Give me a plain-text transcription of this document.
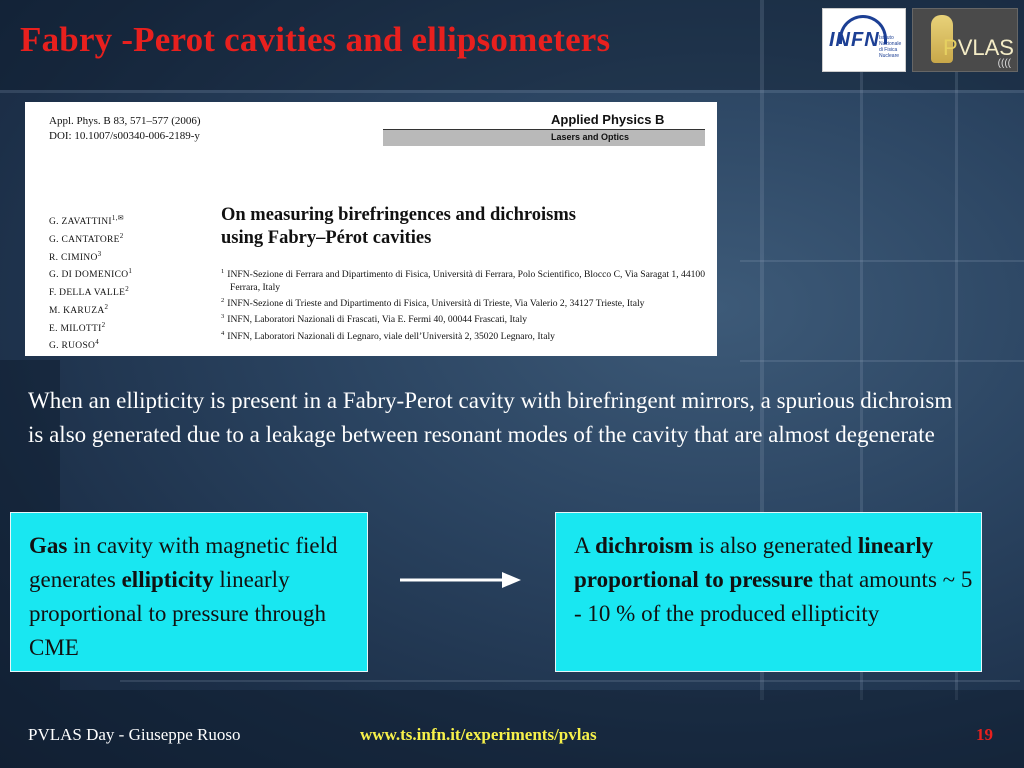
Fabry -Perot cavities and ellipsometers	INFN Istituto Nazionale di Fisica Nucleare PVLAS
((((
Appl. Phys. B 83, 571–577 (2006)
DOI: 10.1007/s00340-006-2189-y
Applied Physics B
Lasers and Optics
G. $ZAVATTINI^{1,✉}$
G. CANTATORE$^2$
R. CIMINO$^3$
G. DI DOMENICO$^1$
F. DELLA VALLE$^2$
M. KARUZA$^2$
E. MILOTTI$^2$
G. RUOSO$^4$
On measuring birefringences and dichroisms
using Fabry–Pérot cavities
$^1$ INFN-Sezione di Ferrara and Dipartimento di Fisica, Università di Ferrara, Polo Scientifico, Blocco C, Via Saragat 1, 44100 Ferrara, Italy
$^2$ INFN-Sezione di Trieste and Dipartimento di Fisica, Università di Trieste, Via Valerio 2, 34127 Trieste, Italy
$^3$ INFN, Laboratori Nazionali di Frascati, Via E. Fermi 40, 00044 Frascati, Italy
$^4$ INFN, Laboratori Nazionali di Legnaro, viale dell’Università 2, 35020 Legnaro, Italy

When an ellipticity is present in a Fabry-Perot cavity with birefringent mirrors, a spurious dichroism is also generated due to a leakage between resonant modes of the cavity that are almost degenerate

Gas in cavity with magnetic field generates ellipticity linearly proportional to pressure through CME
A dichroism is also generated linearly proportional to pressure that amounts ~ 5 - 10 % of the produced ellipticity
PVLAS Day - Giuseppe Ruoso	www.ts.infn.it/experiments/pvlas	19
